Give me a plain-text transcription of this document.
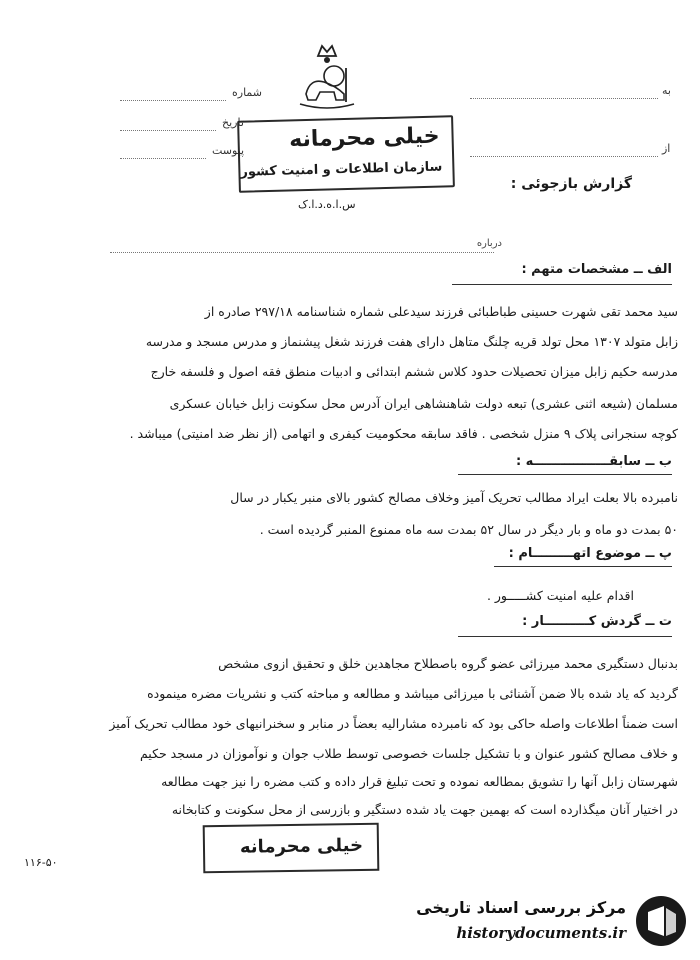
به
از
شماره
تاریخ
پیوست خیلی محرمانه
سازمان اطلاعات و امنیت کشور
س.ا.ه.د.ا.ک
گزارش بازجوئی :
درباره
الف ــ مشخصات متهم :
سید محمد تقی شهرت حسینی طباطبائی فرزند سیدعلی شماره شناسنامه ۲۹۷/۱۸ صادره از
زابل متولد ۱۳۰۷ محل تولد قریه چلنگ متاهل دارای هفت فرزند شغل پیشنماز و مدرس مسجد و مدرسه
مدرسه حکیم زابل میزان تحصیلات حدود کلاس ششم ابتدائی و ادبیات منطق فقه اصول و فلسفه خارج
مسلمان (شیعه اثنی عشری) تبعه دولت شاهنشاهی ایران آدرس محل سکونت زابل خیابان عسکری
کوچه سنجرانی پلاک ۹ منزل شخصی . فاقد سابقه محکومیت کیفری و اتهامی (از نظر ضد امنیتی) میباشد .
ب ــ سابقـــــــــــــــــه :
نامبرده بالا بعلت ایراد مطالب تحریک آمیز وخلاف مصالح کشور بالای منبر یکبار در سال
۵۰ بمدت دو ماه و بار دیگر در سال ۵۲ بمدت سه ماه ممنوع المنبر گردیده است .
پ ــ موضوع اتهـــــــــام :
اقدام علیه امنیت کشـــــور .
ت ــ گردش کــــــــــار :
بدنبال دستگیری محمد میرزائی عضو گروه باصطلاح مجاهدین خلق و تحقیق ازوی مشخص
گردید که یاد شده بالا ضمن آشنائی با میرزائی میباشد و مطالعه و مباحثه کتب و نشریات مضره مینموده
است ضمناً اطلاعات واصله حاکی بود که نامبرده مشارالیه بعضاً در منابر و سخنرانیهای خود مطالب تحریک آمیز
و خلاف مصالح کشور عنوان و با تشکیل جلسات خصوصی توسط طلاب جوان و نوآموزان در مسجد حکیم
شهرستان زابل آنها را تشویق بمطالعه نموده و تحت تبلیغ قرار داده و کتب مضره را نیز جهت مطالعه
در اختیار آنان میگذارده است که بهمین جهت یاد شده دستگیر و بازرسی از محل سکونت و کتابخانه
خیلی محرمانه
۱۱۶-۵۰
مرکز بررسی اسناد تاریخی
historydocuments.ir
